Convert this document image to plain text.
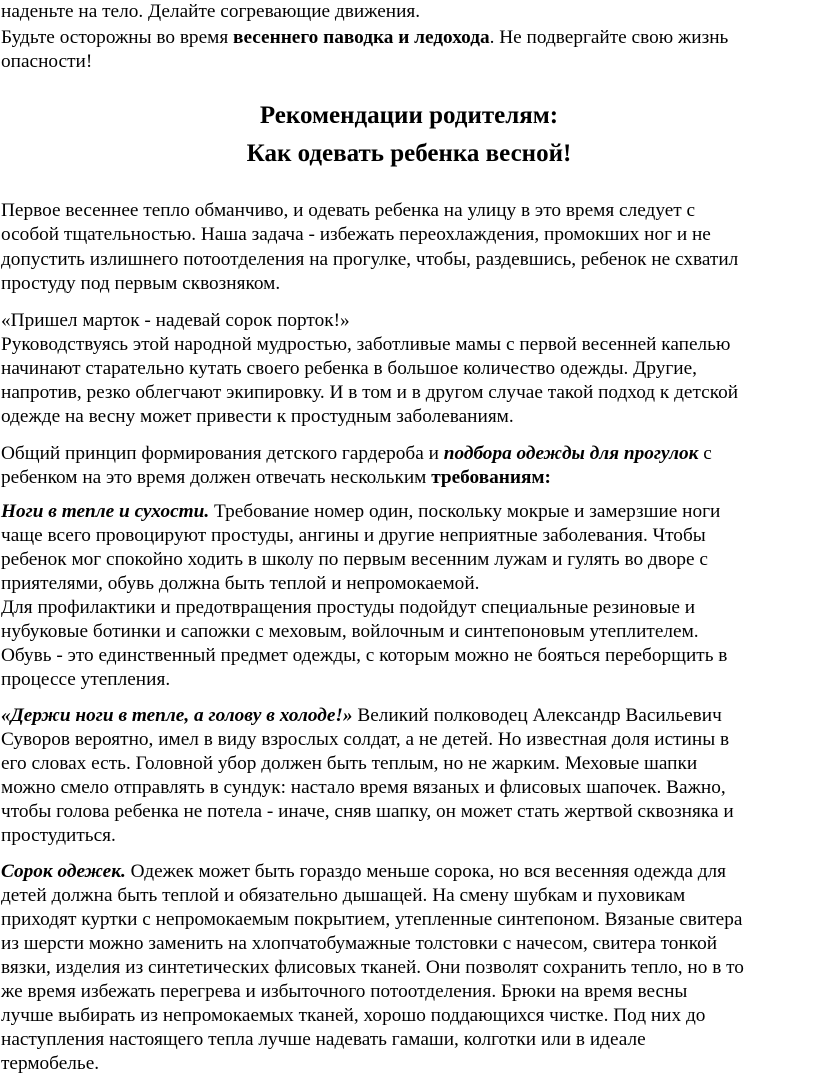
наденьте на тело. Делайте согревающие движения.
Будьте осторожны во время весеннего паводка и ледохода. Не подвергайте свою жизнь
опасности!
Рекомендации родителям:
Как одевать ребенка весной!
Первое весеннее тепло обманчиво, и одевать ребенка на улицу в это время следует с
особой тщательностью. Наша задача - избежать переохлаждения, промокших ног и не
допустить излишнего потоотделения на прогулке, чтобы, раздевшись, ребенок не схватил
простуду под первым сквозняком.
«Пришел марток - надевай сорок порток!»
Руководствуясь этой народной мудростью, заботливые мамы с первой весенней капелью
начинают старательно кутать своего ребенка в большое количество одежды. Другие,
напротив, резко облегчают экипировку. И в том и в другом случае такой подход к детской
одежде на весну может привести к простудным заболеваниям.
Общий принцип формирования детского гардероба и подбора одежды для прогулок с
ребенком на это время должен отвечать нескольким требованиям:
Ноги в тепле и сухости. Требование номер один, поскольку мокрые и замерзшие ноги
чаще всего провоцируют простуды, ангины и другие неприятные заболевания. Чтобы
ребенок мог спокойно ходить в школу по первым весенним лужам и гулять во дворе с
приятелями, обувь должна быть теплой и непромокаемой.
Для профилактики и предотвращения простуды подойдут специальные резиновые и
нубуковые ботинки и сапожки с меховым, войлочным и синтепоновым утеплителем.
Обувь - это единственный предмет одежды, с которым можно не бояться переборщить в
процессе утепления.
«Держи ноги в тепле, а голову в холоде!» Великий полководец Александр Васильевич
Суворов вероятно, имел в виду взрослых солдат, а не детей. Но известная доля истины в
его словах есть. Головной убор должен быть теплым, но не жарким. Меховые шапки
можно смело отправлять в сундук: настало время вязаных и флисовых шапочек. Важно,
чтобы голова ребенка не потела - иначе, сняв шапку, он может стать жертвой сквозняка и
простудиться.
Сорок одежек. Одежек может быть гораздо меньше сорока, но вся весенняя одежда для
детей должна быть теплой и обязательно дышащей. На смену шубкам и пуховикам
приходят куртки с непромокаемым покрытием, утепленные синтепоном. Вязаные свитера
из шерсти можно заменить на хлопчатобумажные толстовки с начесом, свитера тонкой
вязки, изделия из синтетических флисовых тканей. Они позволят сохранить тепло, но в то
же время избежать перегрева и избыточного потоотделения. Брюки на время весны
лучше выбирать из непромокаемых тканей, хорошо поддающихся чистке. Под них до
наступления настоящего тепла лучше надевать гамаши, колготки или в идеале
термобелье.
